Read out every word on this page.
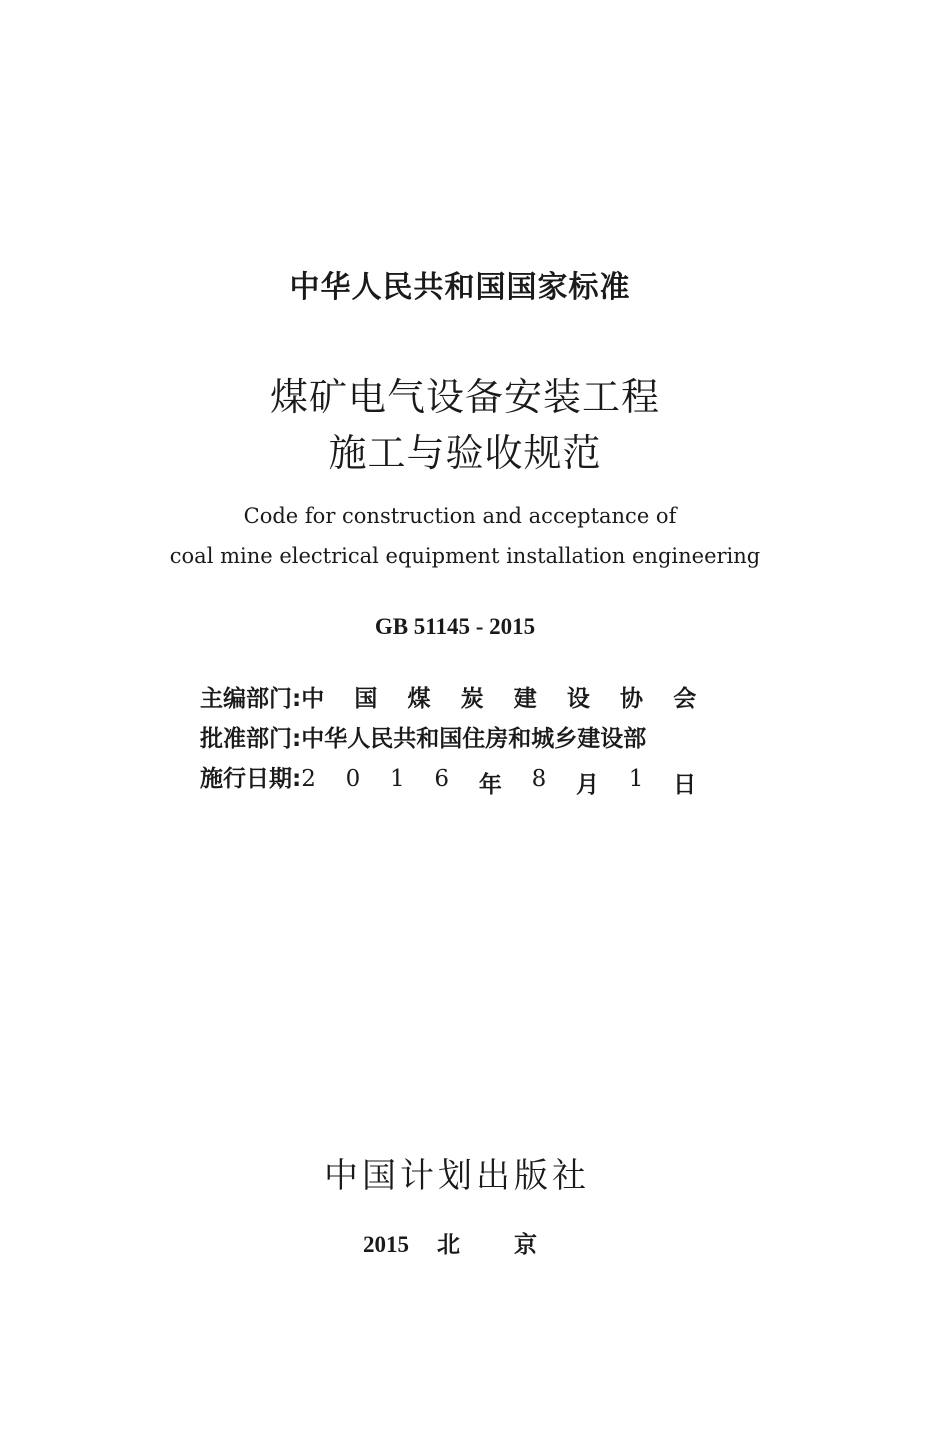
中华人民共和国国家标准
煤矿电气设备安装工程
施工与验收规范
Code for construction and acceptance of
coal mine electrical equipment installation engineering
GB 51145 - 2015
主编部门 : 中 国 煤 炭 建 设 协 会
批准部门 : 中华人民共和国住房和城乡建设部
施行日期 : 2 0 1 6 年 8 月 1 日
中国计划出版社
2015 北 京
